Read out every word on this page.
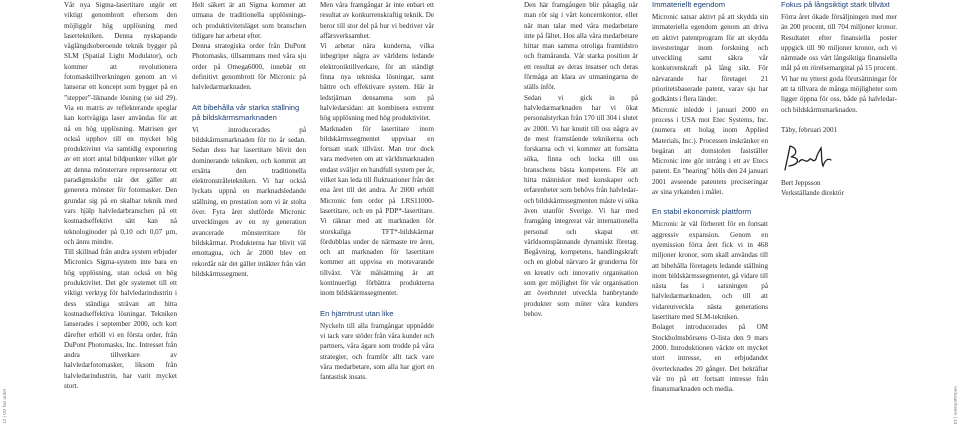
12 | VD har ordet	Verksamheten | 13

Vår nya Sigma-lasertitare utgör ett viktigt genombrott eftersom den möjliggör hög upplösning med lasertekniken. Denna nyskapande våglängdsoberoende teknik bygger på SLM (Spatial Light Modulator), och kommer att revolutionera fotomasktillverkningen genom att vi lanserar ett koncept som bygger på en ”stepper”-liknande lösning (se sid 29). Via en matris av reflekterande speglar kan kortvågiga laser användas för att nå en hög upplösning. Matrisen ger också upphov till en mycket hög produktivitet via samtidig exponering av ett stort antal bildpunkter vilket gör att denna mönsterrare representerar ett paradigmskifte när det gäller att generera mönster för fotomasker. Den grundar sig på en skalbar teknik med vars hjälp halvledarbranschen på ett kostnadseffektivt sätt kan nå teknologinoder på 0,10 och 0,07 µm, och ännu mindre.

Till skillnad från andra system erbjuder Micronics Sigma-system inte bara en hög upplösning, utan också en hög produktivitet. Det gör systemet till ett viktigt verktyg för halvledarindustrin i dess ständiga strävan att hitta kostnadseffektiva lösningar. Tekniken lanserades i september 2000, och kort därefter erhöll vi en första order, från DuPont Photomasks, Inc. Intresset från andra tillverkare av halvledarfotomasker, liksom från halvledarindustrin, har varit mycket stort.

Helt säkert är att Sigma kommer att utmana de traditionella upplösnings- och produktivitetsläget som branschen tidigare har arbetat efter.

Denna strategiska order från DuPont Photomasks, tillsammans med våra sju order på Omega6000, innebär ett definitivt genombrott för Micronic på halvledarmarknaden.

Att bibehålla vår starka ställning på bildskärmsmarknaden

Vi introducerades på bildskärmsmarknaden för tio år sedan. Sedan dess har lasertitare blivit den dominerande tekniken, och kommit att ersätta den traditionella elektronstråletekniken. Vi har också lyckats uppnå en marknadsledande ställning, en prestation som vi är stolta över. Fyra året slutförde Micronic utvecklingen av en ny generation avancerade mönsterritare för bildskärmar. Produkterna har blivit väl emottagna, och år 2000 blev ett rekordår när det gäller intäkter från vårt bildskärmssegment.

Men våra framgångar är inte enbart ett resultat av konkurrenskraftig teknik. De beror till stor del på hur vi bedriver vår affärsverksamhet.

Vi arbetar nära kunderna, vilka inbegriper några av världens ledande elektroniktillverkare, för att ständigt finna nya tekniska lösningar, samt bättre och effektivare system. Här är ledstjärnan densamma som på halvledarsidan: att kombinera extremt hög upplösning med hög produktivitet.

Marknaden för lasertitare inom bildskärmssegmentet uppvisar en fortsatt stark tillväxt. Man tror dock vara medveten om att världsmarknaden endast sväljer en handfull system per år, vilket kan leda till fluktuationer från det ena året till det andra. År 2000 erhöll Micronic fem order på LRS11000-lasertitare, och en på PDP*-lasertitare. Vi räknar med att marknaden för storskaliga TFT*-bildskärmar fördubblas under de närmaste tre åren, och att marknaden för lasertitare kommer att uppvisa en motsvarande tillväxt. Vår målsättning är att kontinuerligt förbättra produkterna inom bildskärmssegmentet.

En hjärntrust utan like

Nyckeln till alla framgångar uppnådde vi tack vare stöder från våra kunder och partners, våra ägare som trodde på våra strategier, och framför allt tack vare våra medarbetare, som alla har gjort en fantastisk insats.

Den här framgången blir påtaglig när man rör sig i vårt koncernkontor, eller när man talar med våra medarbetare inte på fältet. Hos alla våra medarbetare hittar man samma otroliga framtidstro och framåranda. Vår starka position är ett resultat av deras insatser och deras förmåga att klara av utmaningarna de ställs inför.

Sedan vi gick in på halvledarmarknaden har vi ökat personalstyrkan från 170 till 304 i slutet av 2000. Vi har knutit till oss några av de mest framstående teknikerna och forskarna och vi kommer att fortsätta söka, finna och locka till oss branschens bästa kompetens. För att hitta människor med kunskaper och erfarenheter som behövs från halvledar- och bildskärmssegmenten måste vi söka även utanför Sverige. Vi har med framgång integrerat vår internationella personal och skapat ett världsomspännande dynamiskt företag. Begåvning, kompetens, handlingskraft och en global närvaro är grunderna för en kreativ och innovativ organisation som ger möjlighet för vår organisation att överbrutet utveckla banbrytande produkter som möter våra kunders behov.

Immateriellt egendom

Micronic satsar aktivt på att skydda sin immateriella egendom genom att driva ett aktivt patentprogram för att skydda investeringar inom forskning och utveckling samt säkra vår konkurrenskraft på lång sikt. För närvarande har företaget 21 prioritetsbaserade patent, varav sju har godkänts i flera länder.

Micronic inledde i januari 2000 en process i USA mot Etec Systems, Inc. (numera ett bolag inom Applied Materials, Inc.). Processen inskränker en begäran att domstolen fastställer Micronic inte gör intrång i ett av Etecs patent. En "hearing" hölls den 24 januari 2001 avseende patentets preciseringar av sina yrkanden i målet.

En stabil ekonomisk plattform

Micronic är väl förberett för en fortsatt aggressiv expansion. Genom en nyemission förra året fick vi in 468 miljoner kronor, som skall användas till att bibehålla företagets ledande ställning inom bildskärmssegmentet, gå vidare till nästa fas i satsningen på halvledarmarknaden, och till att vidareutveckla nästa generations lasertitare med SLM-tekniken.

Bolaget introducerades på OM Stockholmsbörsens O-lista den 9 mars 2000. Introduktionen väckte ett mycket stort intresse, en erbjudandet övertecknades 20 gånger. Det bekräftar vår tro på ett fortsatt intresse från finansmarknaden och media.

Fokus på långsiktigt stark tillväxt

Förra året ökade försäljningen med mer än 200 procent, till 704 miljoner kronor. Resultatet efter finansiella poster uppgick till 90 miljoner kronor, och vi nämnade oss vårt långsiktiga finansiella mål på en rörelsemarginal på 15 procent.

Vi har nu ytterst goda förutsättningar för att ta tillvara de många möjligheter som ligger öppna för oss, både på halvledar- och bildskärmsmarknaden.

Täby, februari 2001

Bert Jeppsson

Verkställande direktör
